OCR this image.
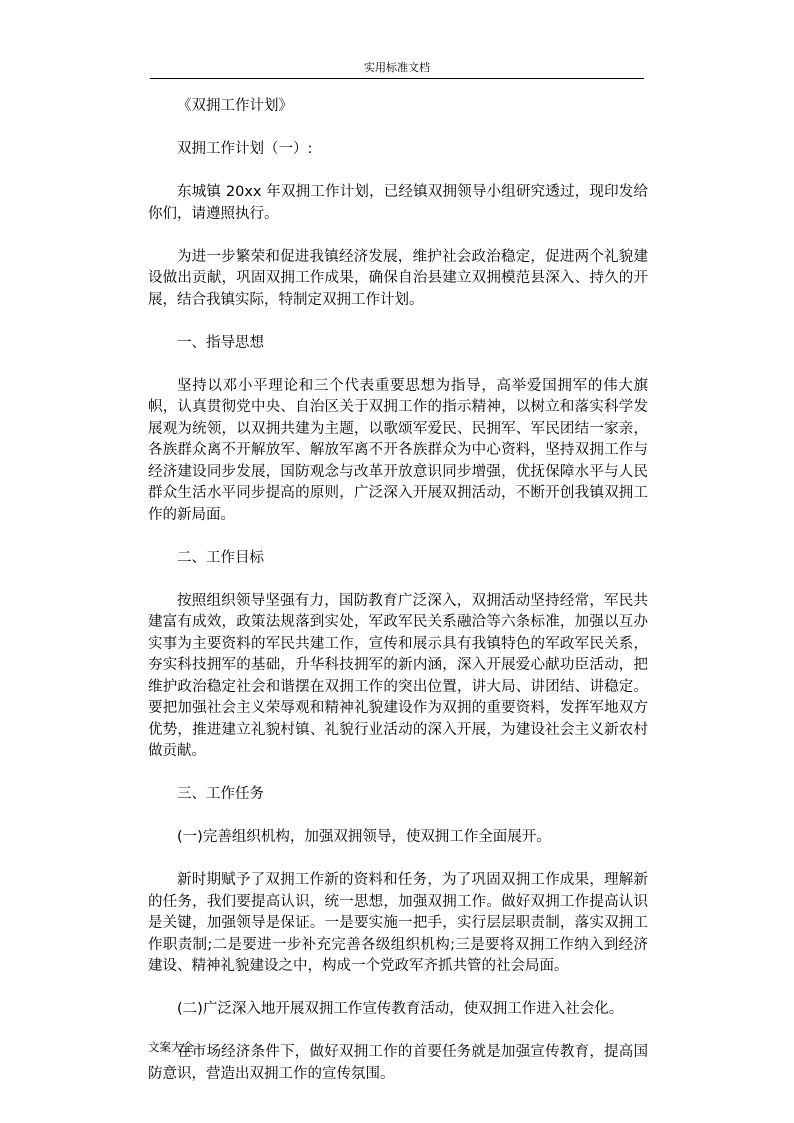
实用标准文档

《双拥工作计划》

双拥工作计划（一）:

东城镇 20xx 年双拥工作计划，已经镇双拥领导小组研究透过，现印发给你们，请遵照执行。

为进一步繁荣和促进我镇经济发展，维护社会政治稳定，促进两个礼貌建设做出贡献，巩固双拥工作成果，确保自治县建立双拥模范县深入、持久的开展，结合我镇实际，特制定双拥工作计划。

一、指导思想

坚持以邓小平理论和三个代表重要思想为指导，高举爱国拥军的伟大旗帜，认真贯彻党中央、自治区关于双拥工作的指示精神，以树立和落实科学发展观为统领，以双拥共建为主题，以歌颂军爱民、民拥军、军民团结一家亲，各族群众离不开解放军、解放军离不开各族群众为中心资料，坚持双拥工作与经济建设同步发展，国防观念与改革开放意识同步增强，优抚保障水平与人民群众生活水平同步提高的原则，广泛深入开展双拥活动，不断开创我镇双拥工作的新局面。

二、工作目标

按照组织领导坚强有力，国防教育广泛深入，双拥活动坚持经常，军民共建富有成效，政策法规落到实处，军政军民关系融洽等六条标准，加强以互办实事为主要资料的军民共建工作，宣传和展示具有我镇特色的军政军民关系，夯实科技拥军的基础，升华科技拥军的新内涵，深入开展爱心献功臣活动，把维护政治稳定社会和谐摆在双拥工作的突出位置，讲大局、讲团结、讲稳定。要把加强社会主义荣辱观和精神礼貌建设作为双拥的重要资料，发挥军地双方优势，推进建立礼貌村镇、礼貌行业活动的深入开展，为建设社会主义新农村做贡献。

三、工作任务

(一)完善组织机构，加强双拥领导，使双拥工作全面展开。

新时期赋予了双拥工作新的资料和任务，为了巩固双拥工作成果，理解新的任务，我们要提高认识，统一思想，加强双拥工作。做好双拥工作提高认识是关键，加强领导是保证。一是要实施一把手，实行层层职责制，落实双拥工作职责制;二是要进一步补充完善各级组织机构;三是要将双拥工作纳入到经济建设、精神礼貌建设之中，构成一个党政军齐抓共管的社会局面。

(二)广泛深入地开展双拥工作宣传教育活动，使双拥工作进入社会化。

在市场经济条件下，做好双拥工作的首要任务就是加强宣传教育，提高国防意识，营造出双拥工作的宣传氛围。

文案大全
